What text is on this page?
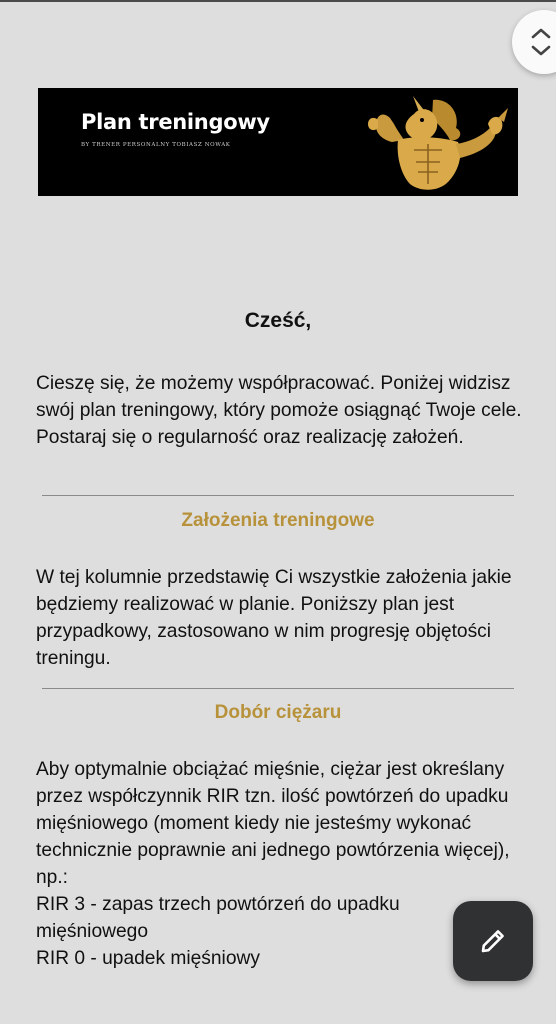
Plan treningowy
BY TRENER PERSONALNY TOBIASZ NOWAK
Cześć,

Cieszę się, że możemy współpracować. Poniżej widzisz swój plan treningowy, który pomoże osiągnąć Twoje cele. Postaraj się o regularność oraz realizację założeń.

Założenia treningowe

W tej kolumnie przedstawię Ci wszystkie założenia jakie będziemy realizować w planie. Poniższy plan jest przypadkowy, zastosowano w nim progresję objętości treningu.

Dobór ciężaru
Aby optymalnie obciążać mięśnie, ciężar jest określany przez współczynnik RIR tzn. ilość powtórzeń do upadku mięśniowego (moment kiedy nie jesteśmy wykonać technicznie poprawnie ani jednego powtórzenia więcej),
np.:
RIR 3 - zapas trzech powtórzeń do upadku mięśniowego
RIR 0 - upadek mięśniowy
